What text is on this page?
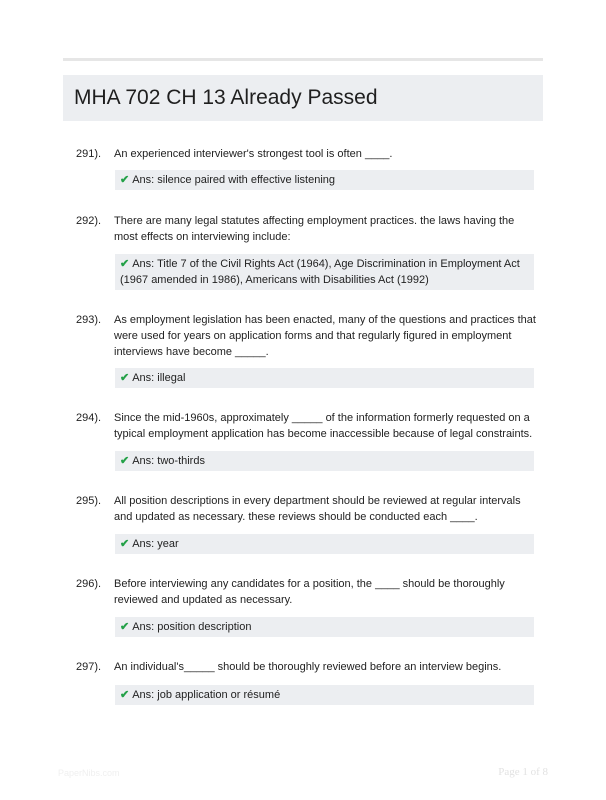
MHA 702 CH 13 Already Passed
291). An experienced interviewer's strongest tool is often ____.
✔ Ans: silence paired with effective listening
292). There are many legal statutes affecting employment practices. the laws having the most effects on interviewing include:
✔ Ans: Title 7 of the Civil Rights Act (1964), Age Discrimination in Employment Act (1967 amended in 1986), Americans with Disabilities Act (1992)
293). As employment legislation has been enacted, many of the questions and practices that were used for years on application forms and that regularly figured in employment interviews have become _____.
✔ Ans: illegal
294). Since the mid-1960s, approximately _____ of the information formerly requested on a typical employment application has become inaccessible because of legal constraints.
✔ Ans: two-thirds
295). All position descriptions in every department should be reviewed at regular intervals and updated as necessary. these reviews should be conducted each ____.
✔ Ans: year
296). Before interviewing any candidates for a position, the ____ should be thoroughly reviewed and updated as necessary.
✔ Ans: position description
297). An individual's_____ should be thoroughly reviewed before an interview begins.
✔ Ans: job application or résumé
PaperNibs.com	Page 1 of 8
